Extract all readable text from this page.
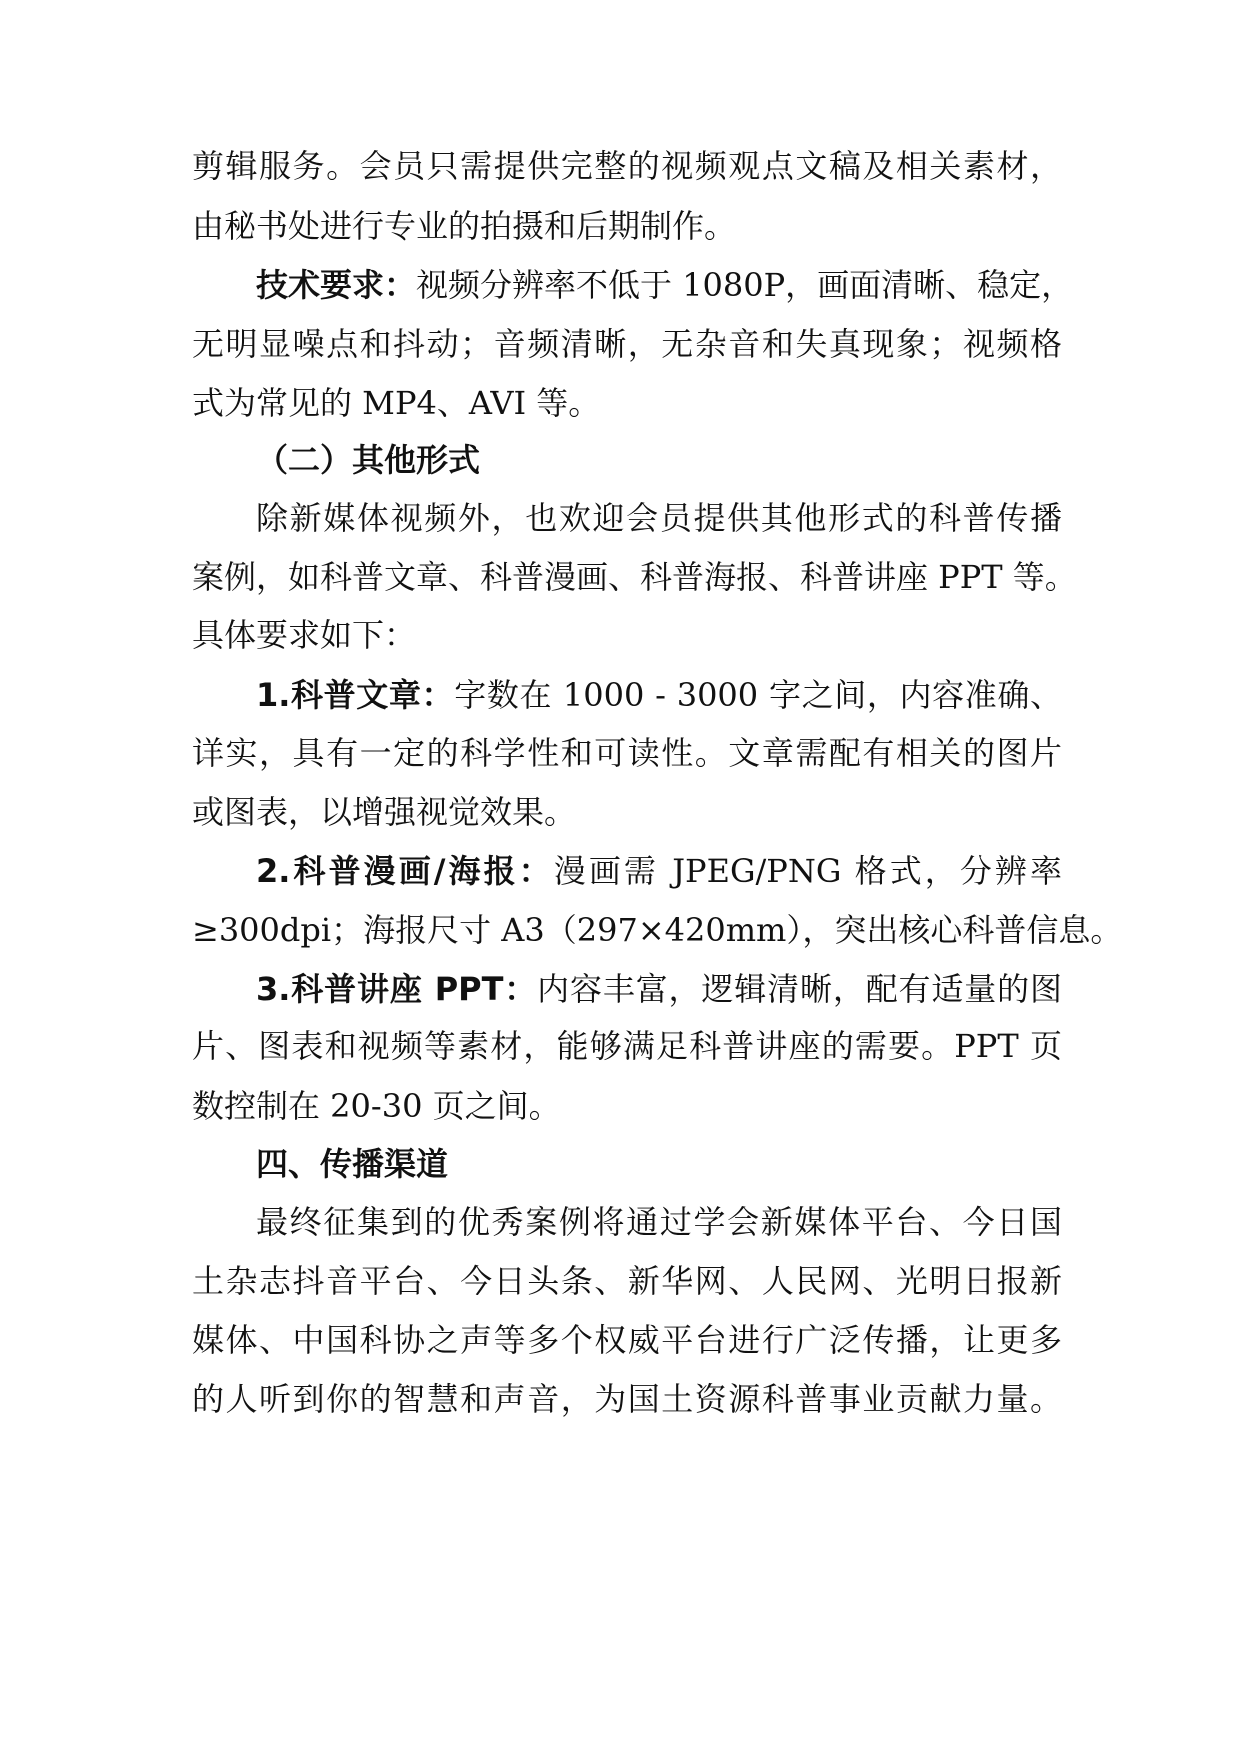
剪辑服务。会员只需提供完整的视频观点文稿及相关素材，
由秘书处进行专业的拍摄和后期制作。
技术要求：视频分辨率不低于 1080P，画面清晰、稳定，
无明显噪点和抖动；音频清晰，无杂音和失真现象；视频格
式为常见的 MP4、AVI 等。
（二）其他形式
除新媒体视频外，也欢迎会员提供其他形式的科普传播
案例，如科普文章、科普漫画、科普海报、科普讲座 PPT 等。
具体要求如下：
1.科普文章：字数在 1000 - 3000 字之间，内容准确、
详实，具有一定的科学性和可读性。文章需配有相关的图片
或图表，以增强视觉效果。
2.科普漫画/海报：漫画需 JPEG/PNG 格式，分辨率
≥300dpi；海报尺寸 A3（297×420mm），突出核心科普信息。
3.科普讲座 PPT：内容丰富，逻辑清晰，配有适量的图
片、图表和视频等素材，能够满足科普讲座的需要。PPT 页
数控制在 20-30 页之间。
四、传播渠道
最终征集到的优秀案例将通过学会新媒体平台、今日国
土杂志抖音平台、今日头条、新华网、人民网、光明日报新
媒体、中国科协之声等多个权威平台进行广泛传播，让更多
的人听到你的智慧和声音，为国土资源科普事业贡献力量。
